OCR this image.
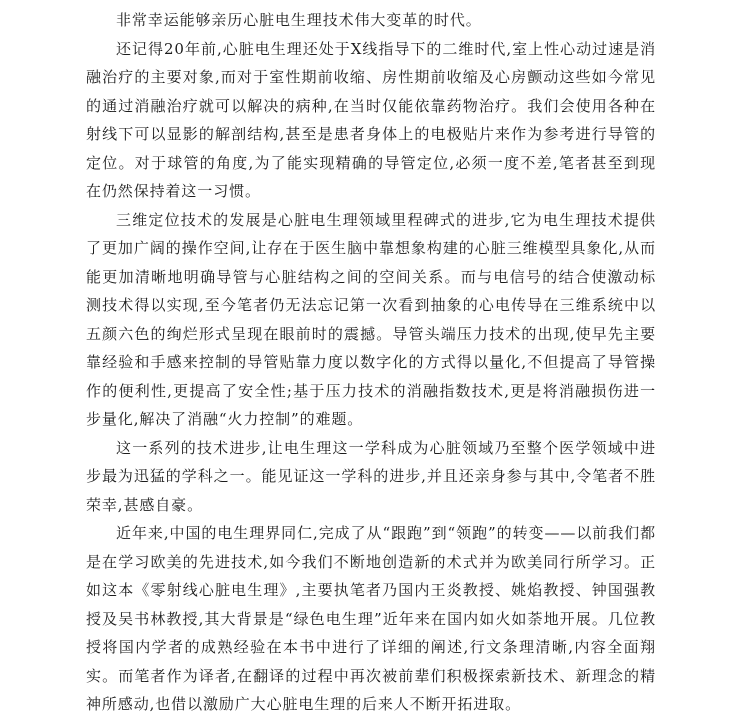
非常幸运能够亲历心脏电生理技术伟大变革的时代。

还记得20年前,心脏电生理还处于X线指导下的二维时代,室上性心动过速是消融治疗的主要对象,而对于室性期前收缩、房性期前收缩及心房颤动这些如今常见的通过消融治疗就可以解决的病种,在当时仅能依靠药物治疗。我们会使用各种在射线下可以显影的解剖结构,甚至是患者身体上的电极贴片来作为参考进行导管的定位。对于球管的角度,为了能实现精确的导管定位,必须一度不差,笔者甚至到现在仍然保持着这一习惯。

三维定位技术的发展是心脏电生理领域里程碑式的进步,它为电生理技术提供了更加广阔的操作空间,让存在于医生脑中靠想象构建的心脏三维模型具象化,从而能更加清晰地明确导管与心脏结构之间的空间关系。而与电信号的结合使激动标测技术得以实现,至今笔者仍无法忘记第一次看到抽象的心电传导在三维系统中以五颜六色的绚烂形式呈现在眼前时的震撼。导管头端压力技术的出现,使早先主要靠经验和手感来控制的导管贴靠力度以数字化的方式得以量化,不但提高了导管操作的便利性,更提高了安全性;基于压力技术的消融指数技术,更是将消融损伤进一步量化,解决了消融“火力控制”的难题。

这一系列的技术进步,让电生理这一学科成为心脏领域乃至整个医学领域中进步最为迅猛的学科之一。能见证这一学科的进步,并且还亲身参与其中,令笔者不胜荣幸,甚感自豪。

近年来,中国的电生理界同仁,完成了从“跟跑”到“领跑”的转变——以前我们都是在学习欧美的先进技术,如今我们不断地创造新的术式并为欧美同行所学习。正如这本《零射线心脏电生理》,主要执笔者乃国内王炎教授、姚焰教授、钟国强教授及吴书林教授,其大背景是“绿色电生理”近年来在国内如火如荼地开展。几位教授将国内学者的成熟经验在本书中进行了详细的阐述,行文条理清晰,内容全面翔实。而笔者作为译者,在翻译的过程中再次被前辈们积极探索新技术、新理念的精神所感动,也借以激励广大心脏电生理的后来人不断开拓进取。
